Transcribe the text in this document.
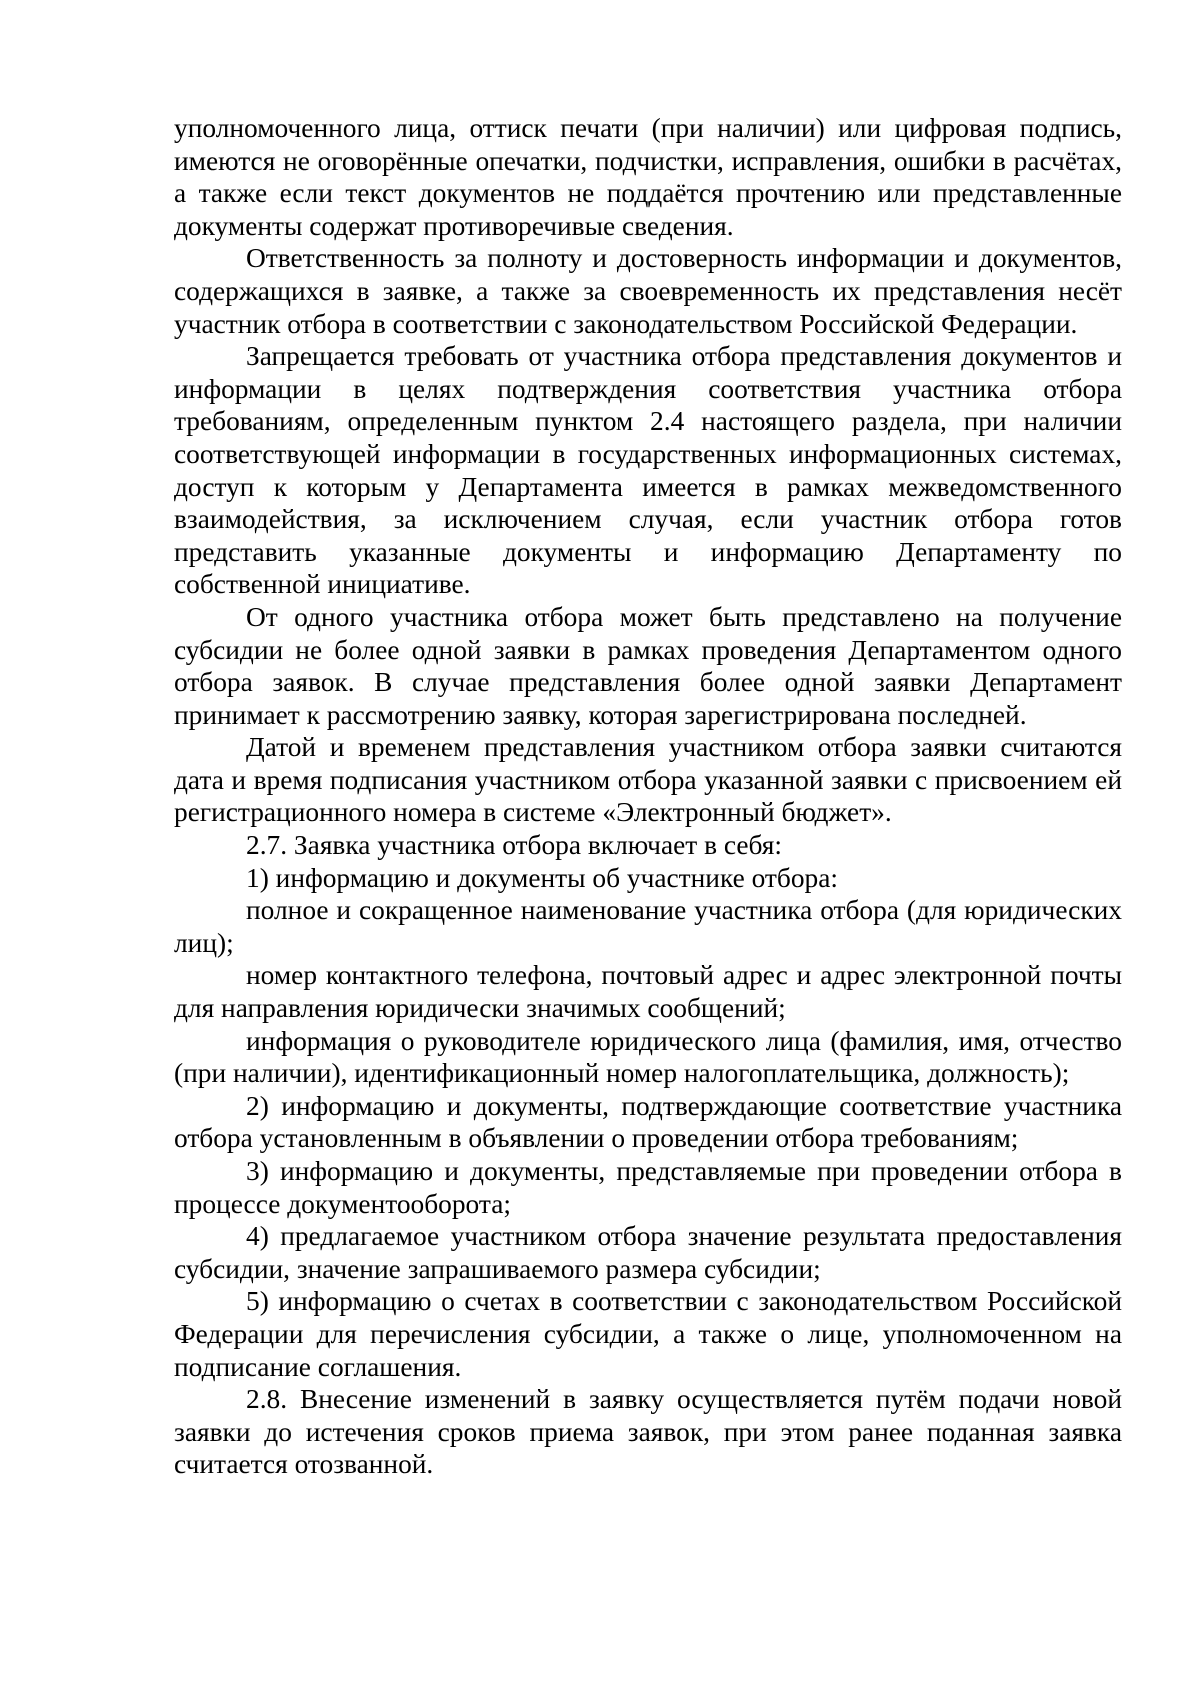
уполномоченного лица, оттиск печати (при наличии) или цифровая подпись, имеются не оговорённые опечатки, подчистки, исправления, ошибки в расчётах, а также если текст документов не поддаётся прочтению или представленные документы содержат противоречивые сведения.

Ответственность за полноту и достоверность информации и документов, содержащихся в заявке, а также за своевременность их представления несёт участник отбора в соответствии с законодательством Российской Федерации.

Запрещается требовать от участника отбора представления документов и информации в целях подтверждения соответствия участника отбора требованиям, определенным пунктом 2.4 настоящего раздела, при наличии соответствующей информации в государственных информационных системах, доступ к которым у Департамента имеется в рамках межведомственного взаимодействия, за исключением случая, если участник отбора готов представить указанные документы и информацию Департаменту по собственной инициативе.

От одного участника отбора может быть представлено на получение субсидии не более одной заявки в рамках проведения Департаментом одного отбора заявок. В случае представления более одной заявки Департамент принимает к рассмотрению заявку, которая зарегистрирована последней.

Датой и временем представления участником отбора заявки считаются дата и время подписания участником отбора указанной заявки с присвоением ей регистрационного номера в системе «Электронный бюджет».

2.7. Заявка участника отбора включает в себя:

1) информацию и документы об участнике отбора:

полное и сокращенное наименование участника отбора (для юридических лиц);

номер контактного телефона, почтовый адрес и адрес электронной почты для направления юридически значимых сообщений;

информация о руководителе юридического лица (фамилия, имя, отчество (при наличии), идентификационный номер налогоплательщика, должность);

2) информацию и документы, подтверждающие соответствие участника отбора установленным в объявлении о проведении отбора требованиям;

3) информацию и документы, представляемые при проведении отбора в процессе документооборота;

4) предлагаемое участником отбора значение результата предоставления субсидии, значение запрашиваемого размера субсидии;

5) информацию о счетах в соответствии с законодательством Российской Федерации для перечисления субсидии, а также о лице, уполномоченном на подписание соглашения.

2.8. Внесение изменений в заявку осуществляется путём подачи новой заявки до истечения сроков приема заявок, при этом ранее поданная заявка считается отозванной.
